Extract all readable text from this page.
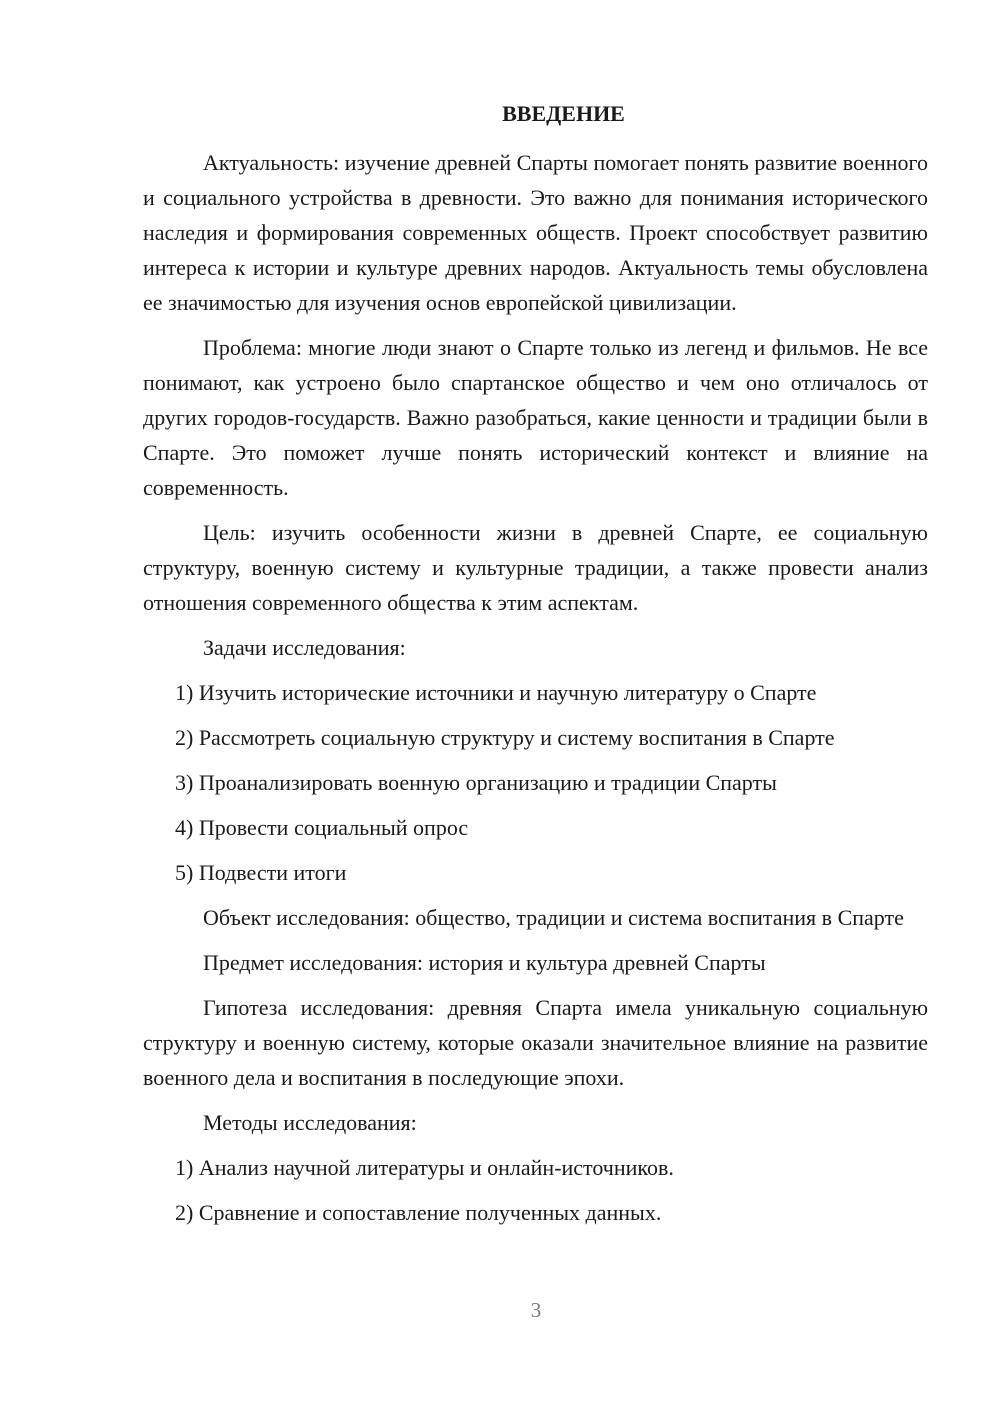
ВВЕДЕНИЕ

Актуальность: изучение древней Спарты помогает понять развитие военного и социального устройства в древности. Это важно для понимания исторического наследия и формирования современных обществ. Проект способствует развитию интереса к истории и культуре древних народов. Актуальность темы обусловлена ее значимостью для изучения основ европейской цивилизации.

Проблема: многие люди знают о Спарте только из легенд и фильмов. Не все понимают, как устроено было спартанское общество и чем оно отличалось от других городов-государств. Важно разобраться, какие ценности и традиции были в Спарте. Это поможет лучше понять исторический контекст и влияние на современность.

Цель: изучить особенности жизни в древней Спарте, ее социальную структуру, военную систему и культурные традиции, а также провести анализ отношения современного общества к этим аспектам.

Задачи исследования:

1) Изучить исторические источники и научную литературу о Спарте
2) Рассмотреть социальную структуру и систему воспитания в Спарте
3) Проанализировать военную организацию и традиции Спарты
4) Провести социальный опрос
5) Подвести итоги

Объект исследования: общество, традиции и система воспитания в Спарте

Предмет исследования: история и культура древней Спарты

Гипотеза исследования: древняя Спарта имела уникальную социальную структуру и военную систему, которые оказали значительное влияние на развитие военного дела и воспитания в последующие эпохи.

Методы исследования:

1) Анализ научной литературы и онлайн-источников.
2) Сравнение и сопоставление полученных данных.
3
